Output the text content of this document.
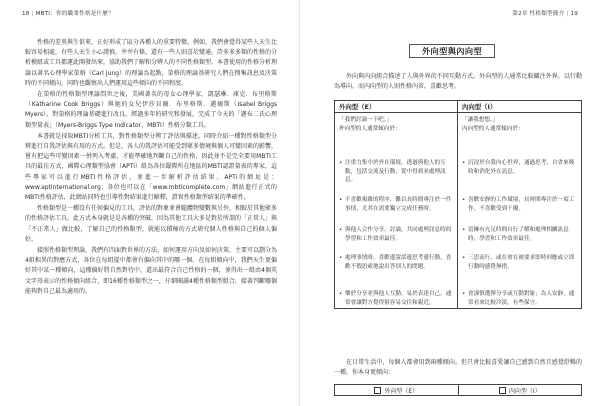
18 | MBTI：你的職業性格是什麼？

性格的差異與生俱來，正好形成了區分各種人的重要特徵。例如，我們會覺得某些人天生比較容易相處，有些人天生小心謹慎，井井有條，還有一些人則喜於變通。許多多多類的性格的分析模組或工具都運此開發出來，協助我們了解和分辨人的不同性格類型。本書使用的性格分析理論以著名心理學家榮格（Carl Jung）的理論為起點，榮格的理論基研究人們在搜集訊息及決策時的不同傾向，同時也觀察出人們運用這些傾向的不同程度。

在榮格的性格類型理論問世之後，美國著名的母女心理學家，凱瑟琳．庫克．布里格斯（Katharine Cook Briggs）與她的女兒伊莎貝爾．布里格斯．邁爾斯（Isabel Briggs Myers），對榮格的理論基礎進行改良，經過多年的研究和發展，完成了今天的「邁布二氏心理類型量表」（Myers-Briggs Type Indicator，MBTI）性格分類工具。

本書就是採取MBTI分析工具，對性格類型分辨了評估與描述。同時介紹一種對性格類型分辨進行自我評估與有用的方式。但是，各人的我評估可能受到眾多情境與個人可變因素的影響，嘗有把這些可變因素一併列入考慮，才能準確地判斷自己的性格，因此並不是完全要用MBTI工具的最佳方式，國際心理類型協會（APTi）組為各位嚴際所在地區的MBTI認證量表的專家，這些專家可以進行MBTI性格評估，並進一步解析評估結果。APTi的網址是：www.aptinternational.org；各位也可以在「www.mbticomplete.com」網站進行正式的MBTI性格評估，此網站同時也引導性對結果進行解釋，證實性格類型結果的準確性。

性格類型是一種沒有任何偏見的工具，評估的對象並會隨體物變數與另外，相較於其他眾多的性格評估工具，此方式本身就是是各種的突破，因為其他工具大多是對於所謂的「正常人」與「不正常人」做比較，了解自己的性格類型，就能以積極的方式研究個人性格與自己的個人偏好。

接照性格類型理論，我們有四面對世界的方法，如何運用方向及如何決策，主要可以劃分為4組相異的對應方式，各位在每組提中都會有偏向其中的哪一個。在每組傾向中，我們天生更偏好其中某一種傾向，這種偏好將自然對待中，還出最符合自己性格的一個，並得出一組由4個英文字母表示的性格傾向組合，即16種性格類型之一，仔細閱讀4種性格類型組合，接著判斷哪個能夠對自己最為適用的。

第2章 性格類型簡介 | 19
外向型與內向型
外向與內向組合描述了人與外界的不同互動方式。外向型的人通常比較關注外界，以行動為導向，而內向型的人則性格內省，喜歡思考。
外向型（E）	內向型（I）
「我們討論一下吧。」
外向型的人通常傾向於：
「讓我想想。」
內向型的人通常傾向於：
• 注重力集中於外在環境，透過與他人的互動，包括交流及行動，從中得到並處理訊息。
• 沉浸於自我內心世界，通過思考，自省來吸收和消化外在訊息。
• 不喜歡複雜的程序，難以長時間專注於一件事情，尤其在需要獨立完成任務時。
• 喜歡安靜的工作環境，長時間專注於一項工作，不喜歡受到干擾。
• 與他人合作分享，討論，共同處理訊息時的學習和工作效率最佳。
• 當擁有充足時間自行了解和處理相關訊息時，學習和工作效率最佳。
• 處理事情時，喜歡邊說話邊思考邊行動，喜歡不假思索地說出答別人的問題。
• 三思而行，或在會在被要求即時回應或立即行動時感覺無措。
• 樂於分享並與他人互動，易於表達自己，通常會讓對方覺得很容易交往和親近。
• 會謹慎選擇分享或互動對象；為人安靜，通常看來比較冷淡，有些保守。
在日常生活中，每個人都會用到兩種傾向。但只會比較喜愛讓自己感到自然且感覺舒暢的一種。你本身更傾向：
外向型（E）	內向型（I）
